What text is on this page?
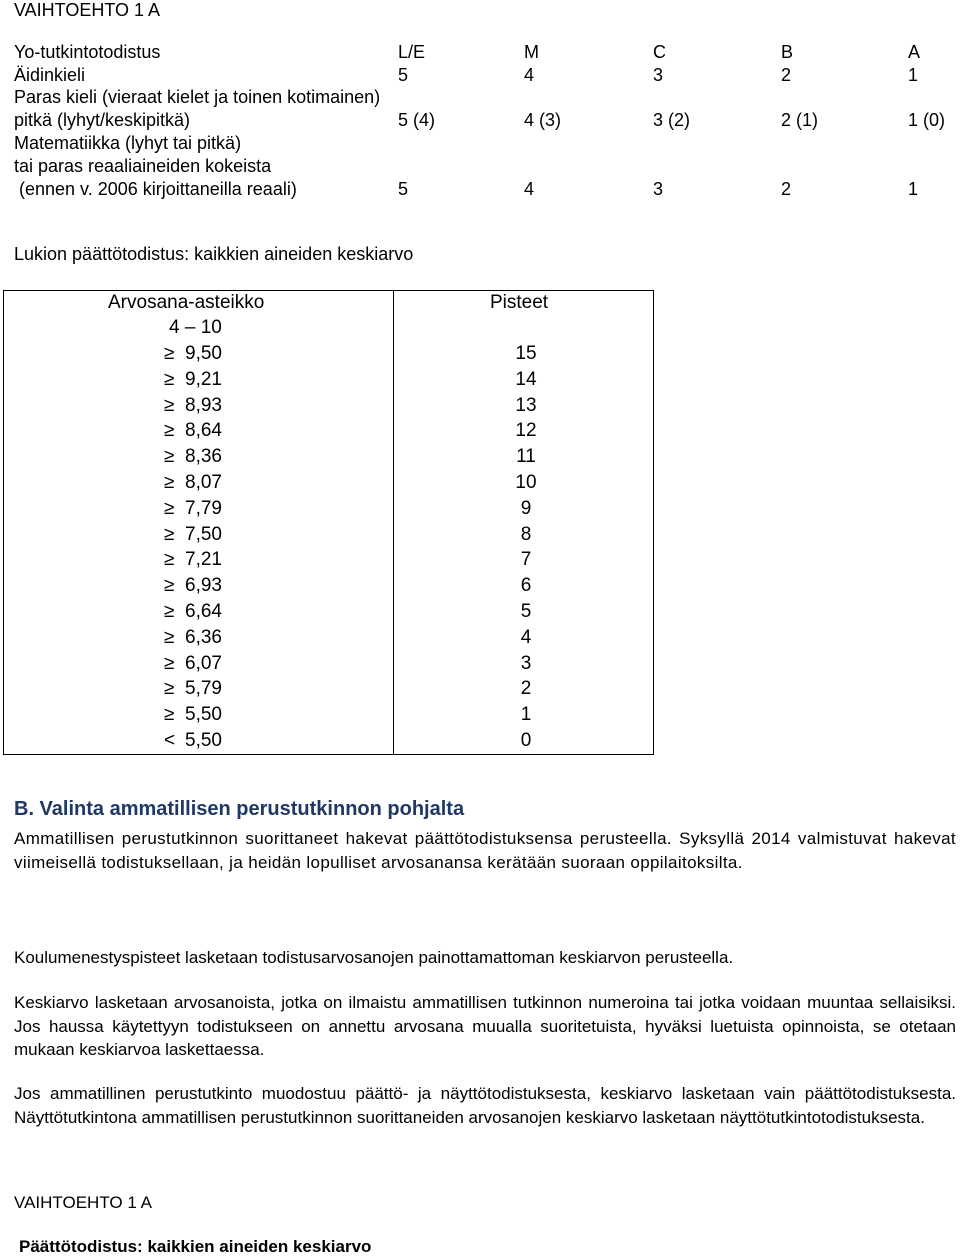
VAIHTOEHTO 1 A
Yo-tutkintotodistus	L/E	M	C	B	A
Äidinkieli	5	4	3	2	1
Paras kieli (vieraat kielet ja toinen kotimainen)
pitkä (lyhyt/keskipitkä)	5 (4)	4 (3)	3 (2)	2 (1)	1 (0)
Matematiikka (lyhyt tai pitkä)
tai paras reaaliaineiden kokeista
(ennen v. 2006 kirjoittaneilla reaali)	5	4	3	2	1
Lukion päättötodistus: kaikkien aineiden keskiarvo
Arvosana-asteikko	Pisteet
4 – 10
≥ 9,50	15
≥ 9,21	14
≥ 8,93	13
≥ 8,64	12
≥ 8,36	11
≥ 8,07	10
≥ 7,79	9
≥ 7,50	8
≥ 7,21	7
≥ 6,93	6
≥ 6,64	5
≥ 6,36	4
≥ 6,07	3
≥ 5,79	2
≥ 5,50	1
< 5,50	0
B. Valinta ammatillisen perustutkinnon pohjalta
Ammatillisen perustutkinnon suorittaneet hakevat päättötodistuksensa perusteella. Syksyllä 2014 valmistuvat hakevat viimeisellä todistuksellaan, ja heidän lopulliset arvosanansa kerätään suoraan oppilaitoksilta.
Koulumenestyspisteet lasketaan todistusarvosanojen painottamattoman keskiarvon perusteella.
Keskiarvo lasketaan arvosanoista, jotka on ilmaistu ammatillisen tutkinnon numeroina tai jotka voidaan muuntaa sellaisiksi. Jos haussa käytettyyn todistukseen on annettu arvosana muualla suoritetuista, hyväksi luetuista opinnoista, se otetaan mukaan keskiarvoa laskettaessa.
Jos ammatillinen perustutkinto muodostuu päättö- ja näyttötodistuksesta, keskiarvo lasketaan vain päättötodistuksesta. Näyttötutkintona ammatillisen perustutkinnon suorittaneiden arvosanojen keskiarvo lasketaan näyttötutkintotodistuksesta.
VAIHTOEHTO 1 A
Päättötodistus: kaikkien aineiden keskiarvo
